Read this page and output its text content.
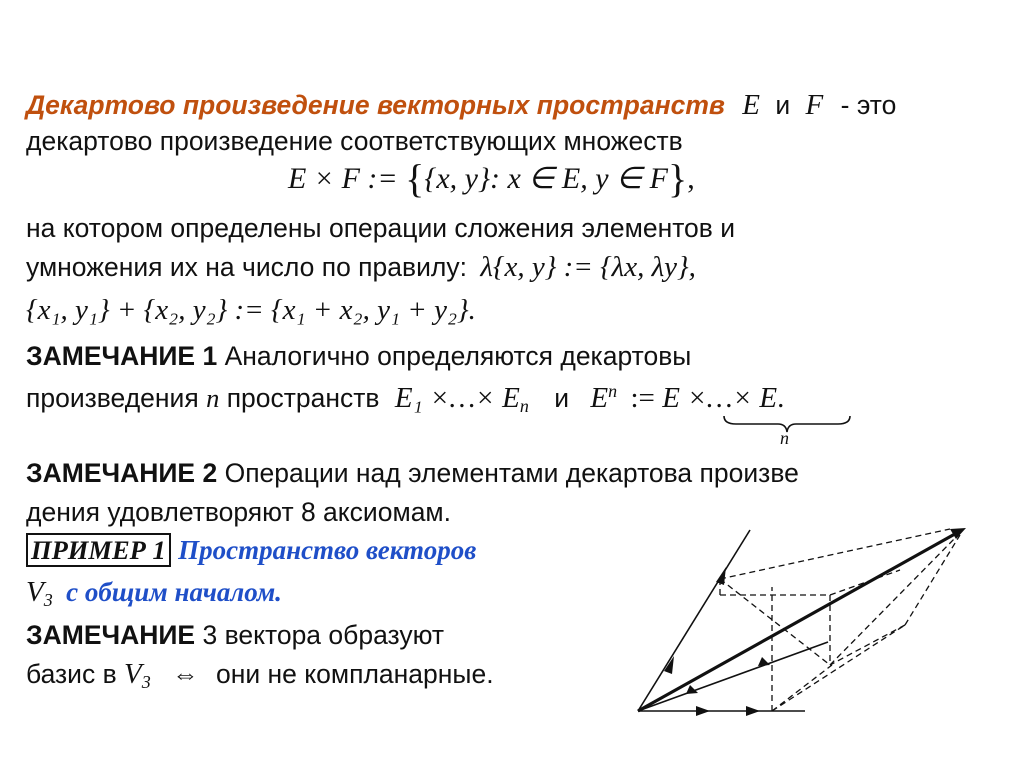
Декартово произведение векторных пространств E и F - это
декартово произведение соответствующих множеств
E × F := {{x, y}: x ∈ E, y ∈ F},
на котором определены операции сложения элементов и
умножения их на число по правилу: λ{x, y} := {λx, λy},
{x₁, y₁} + {x₂, y₂} := {x₁ + x₂, y₁ + y₂}.
ЗАМЕЧАНИЕ 1 Аналогично определяются декартовы
произведения n пространств E₁ ×…× $E_n$ и $E^n$ := E ×…× E.
n
ЗАМЕЧАНИЕ 2 Операции над элементами декартова произве
дения удовлетворяют 8 аксиомам.
ПРИМЕР 1 Пространство векторов
$V_3$ с общим началом.
ЗАМЕЧАНИЕ 3 вектора образуют
базис в $V_3$ ⇔ они не компланарные.
